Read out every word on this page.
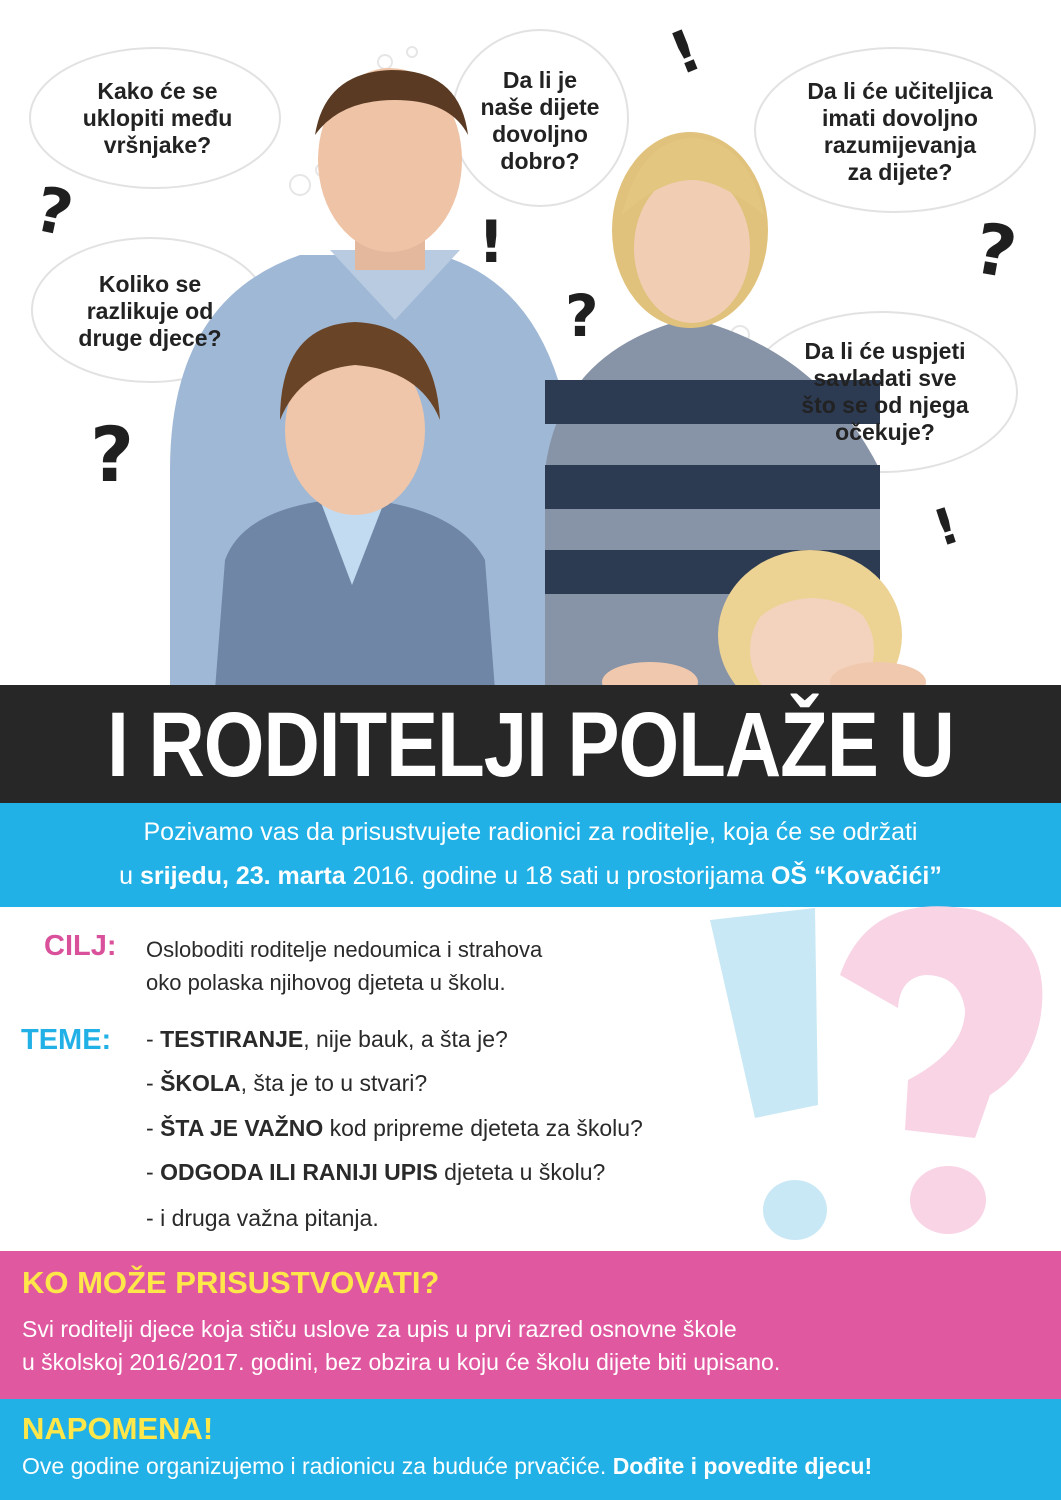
Kako će se
uklopiti među
vršnjake?
Da li je
naše dijete
dovoljno
dobro?
Da li će učiteljica
imati dovoljno
razumijevanja
za dijete?
Koliko se
razlikuje od
druge djece?	Da li će uspjeti
savladati sve
što se od njega
očekuje?
?
?
?
?
!
!
!
I RODITELJI POLAŽE U
Pozivamo vas da prisustvujete radionici za roditelje, koja će se održati
u srijedu, 23. marta 2016. godine u 18 sati u prostorijama OŠ “Kovačići”
CILJ: Osloboditi roditelje nedoumica i strahova
oko polaska njihovog djeteta u školu.
TEME: - TESTIRANJE, nije bauk, a šta je?
- ŠKOLA, šta je to u stvari?
- ŠTA JE VAŽNO kod pripreme djeteta za školu?
- ODGODA ILI RANIJI UPIS djeteta u školu?
- i druga važna pitanja.
KO MOŽE PRISUSTVOVATI?
Svi roditelji djece koja stiču uslove za upis u prvi razred osnovne škole
u školskoj 2016/2017. godini, bez obzira u koju će školu dijete biti upisano.
NAPOMENA!
Ove godine organizujemo i radionicu za buduće prvačiće. Dođite i povedite djecu!
